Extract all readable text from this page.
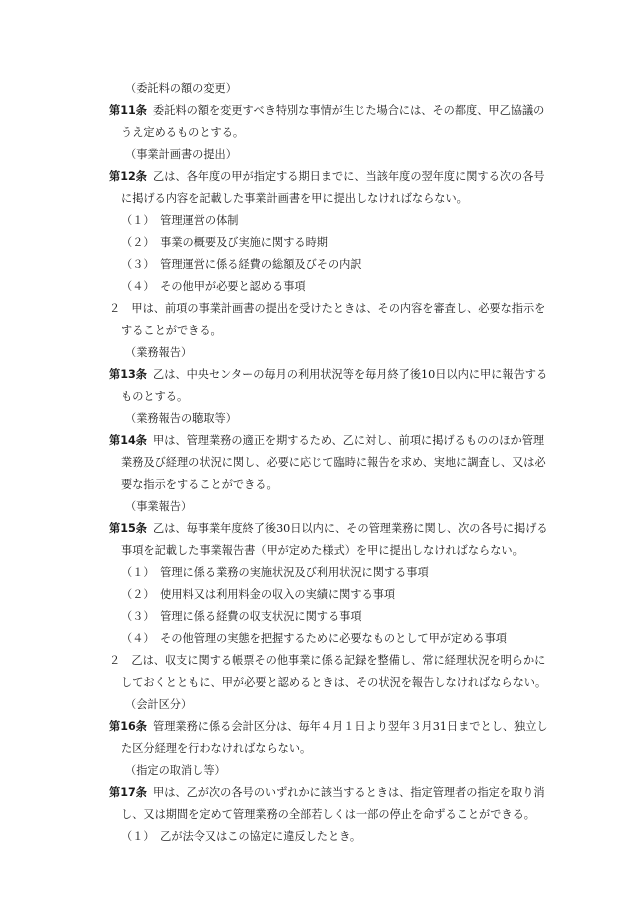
（委託料の額の変更）
第11条 委託料の額を変更すべき特別な事情が生じた場合には、その都度、甲乙協議の
うえ定めるものとする。
（事業計画書の提出）
第12条 乙は、各年度の甲が指定する期日までに、当該年度の翌年度に関する次の各号
に掲げる内容を記載した事業計画書を甲に提出しなければならない。
（１）　管理運営の体制
（２）　事業の概要及び実施に関する時期
（３）　管理運営に係る経費の総額及びその内訳
（４）　その他甲が必要と認める事項
２　甲は、前項の事業計画書の提出を受けたときは、その内容を審査し、必要な指示を
することができる。
（業務報告）
第13条 乙は、中央センターの毎月の利用状況等を毎月終了後10日以内に甲に報告する
ものとする。
（業務報告の聴取等）
第14条 甲は、管理業務の適正を期するため、乙に対し、前項に掲げるもののほか管理
業務及び経理の状況に関し、必要に応じて臨時に報告を求め、実地に調査し、又は必
要な指示をすることができる。
（事業報告）
第15条 乙は、毎事業年度終了後30日以内に、その管理業務に関し、次の各号に掲げる
事項を記載した事業報告書（甲が定めた様式）を甲に提出しなければならない。
（１）　管理に係る業務の実施状況及び利用状況に関する事項
（２）　使用料又は利用料金の収入の実績に関する事項
（３）　管理に係る経費の収支状況に関する事項
（４）　その他管理の実態を把握するために必要なものとして甲が定める事項
２　乙は、収支に関する帳票その他事業に係る記録を整備し、常に経理状況を明らかに
しておくとともに、甲が必要と認めるときは、その状況を報告しなければならない。
（会計区分）
第16条 管理業務に係る会計区分は、毎年４月１日より翌年３月31日までとし、独立し
た区分経理を行わなければならない。
（指定の取消し等）
第17条 甲は、乙が次の各号のいずれかに該当するときは、指定管理者の指定を取り消
し、又は期間を定めて管理業務の全部若しくは一部の停止を命ずることができる。
（１）　乙が法令又はこの協定に違反したとき。
